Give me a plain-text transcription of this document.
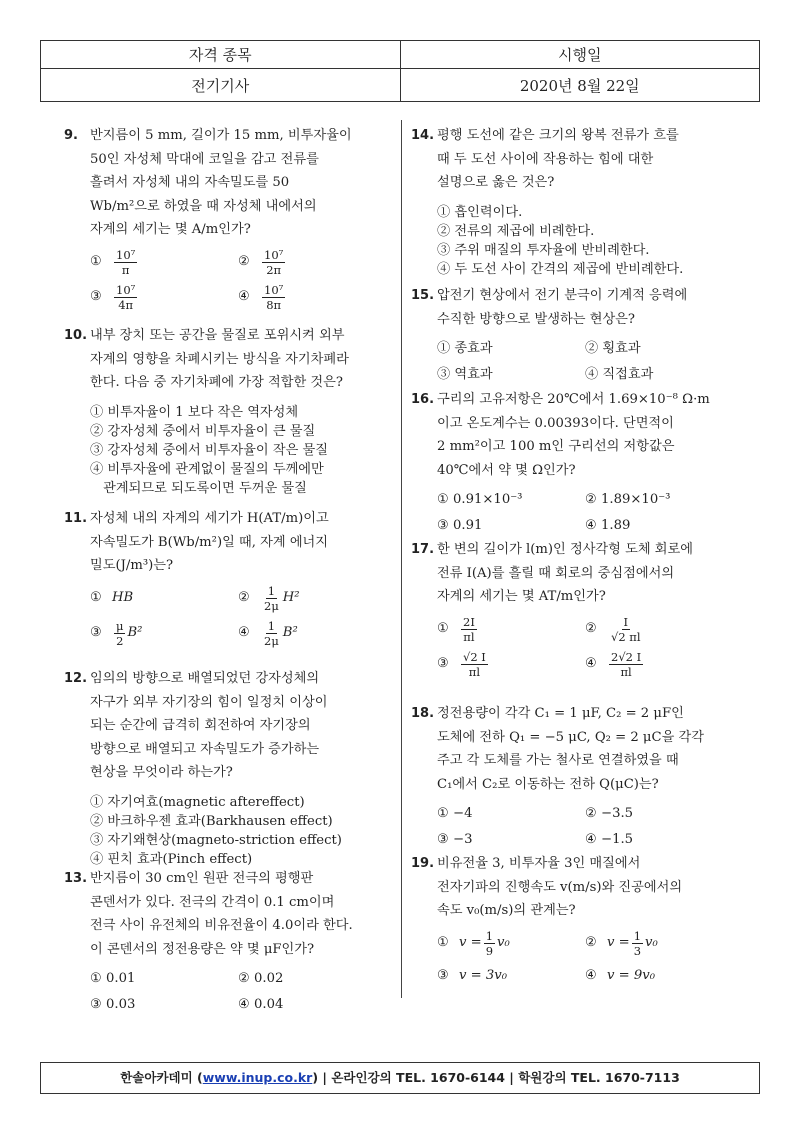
자격 종목	시행일
전기기사	2020년 8월 22일
9. 반지름이 5 mm, 길이가 15 mm, 비투자율이
50인 자성체 막대에 코일을 감고 전류를
흘려서 자성체 내의 자속밀도를 50
Wb/m²으로 하였을 때 자성체 내에서의
자계의 세기는 몇 A/m인가?
①	$\frac{\text{10⁷}}{\pi}$	②	$\frac{\text{10⁷}}{2\pi}$
③	$\frac{\text{10⁷}}{4\pi}$	④	$\frac{\text{10⁷}}{8\pi}$
10. 내부 장치 또는 공간을 물질로 포위시켜 외부
자계의 영향을 차폐시키는 방식을 자기차폐라
한다. 다음 중 자기차폐에 가장 적합한 것은?
① 비투자율이 1 보다 작은 역자성체
② 강자성체 중에서 비투자율이 큰 물질
③ 강자성체 중에서 비투자율이 작은 물질
④ 비투자율에 관계없이 물질의 두께에만
　관계되므로 되도록이면 두꺼운 물질
11. 자성체 내의 자계의 세기가 H(AT/m)이고
자속밀도가 B(Wb/m²)일 때, 자계 에너지
밀도(J/m³)는?
① HB	②	$\frac{1}{2\mu} H^2$
③	$\frac{\mu}{2} B^2$	④	$\frac{1}{2\mu} B^2$
12. 임의의 방향으로 배열되었던 강자성체의
자구가 외부 자기장의 힘이 일정치 이상이
되는 순간에 급격히 회전하여 자기장의
방향으로 배열되고 자속밀도가 증가하는
현상을 무엇이라 하는가?
① 자기여효(magnetic aftereffect)
② 바크하우젠 효과(Barkhausen effect)
③ 자기왜현상(magneto-striction effect)
④ 핀치 효과(Pinch effect)
13. 반지름이 30 cm인 원판 전극의 평행판
콘덴서가 있다. 전극의 간격이 0.1 cm이며
전극 사이 유전체의 비유전율이 4.0이라 한다.
이 콘덴서의 정전용량은 약 몇 μF인가?
① 0.01	② 0.02
③ 0.03	④ 0.04
14. 평행 도선에 같은 크기의 왕복 전류가 흐를
때 두 도선 사이에 작용하는 힘에 대한
설명으로 옳은 것은?
① 흡인력이다.
② 전류의 제곱에 비례한다.
③ 주위 매질의 투자율에 반비례한다.
④ 두 도선 사이 간격의 제곱에 반비례한다.
15. 압전기 현상에서 전기 분극이 기계적 응력에
수직한 방향으로 발생하는 현상은?
① 종효과	② 횡효과
③ 역효과	④ 직접효과
16. 구리의 고유저항은 20℃에서 1.69×10⁻⁸ Ω·m
이고 온도계수는 0.00393이다. 단면적이
2 mm²이고 100 m인 구리선의 저항값은
40℃에서 약 몇 Ω인가?
① 0.91×10⁻³	② 1.89×10⁻³
③ 0.91	④ 1.89
17. 한 변의 길이가 l(m)인 정사각형 도체 회로에
전류 I(A)를 흘릴 때 회로의 중심점에서의
자계의 세기는 몇 AT/m인가?
①	$\frac{2I}{\pi l}$	②	$\frac{I}{√2 \pi l}$
③	$\frac{√2 I}{\pi l}$	④	$\frac{2√2 I}{\pi l}$
18. 정전용량이 각각 C₁ = 1 μF, C₂ = 2 μF인
도체에 전하 Q₁ = −5 μC, Q₂ = 2 μC을 각각
주고 각 도체를 가는 철사로 연결하였을 때
C₁에서 C₂로 이동하는 전하 Q(μC)는?
① −4	② −3.5
③ −3	④ −1.5
19. 비유전율 3, 비투자율 3인 매질에서
전자기파의 진행속도 v(m/s)와 진공에서의
속도 v₀(m/s)의 관계는?
① $v = \frac{1}{9} v_0$	② $v = \frac{1}{3} v_0$
③ v = 3v₀	④ v = 9v₀
한솔아카데미 (www.inup.co.kr) | 온라인강의 TEL. 1670-6144 | 학원강의 TEL. 1670-7113
